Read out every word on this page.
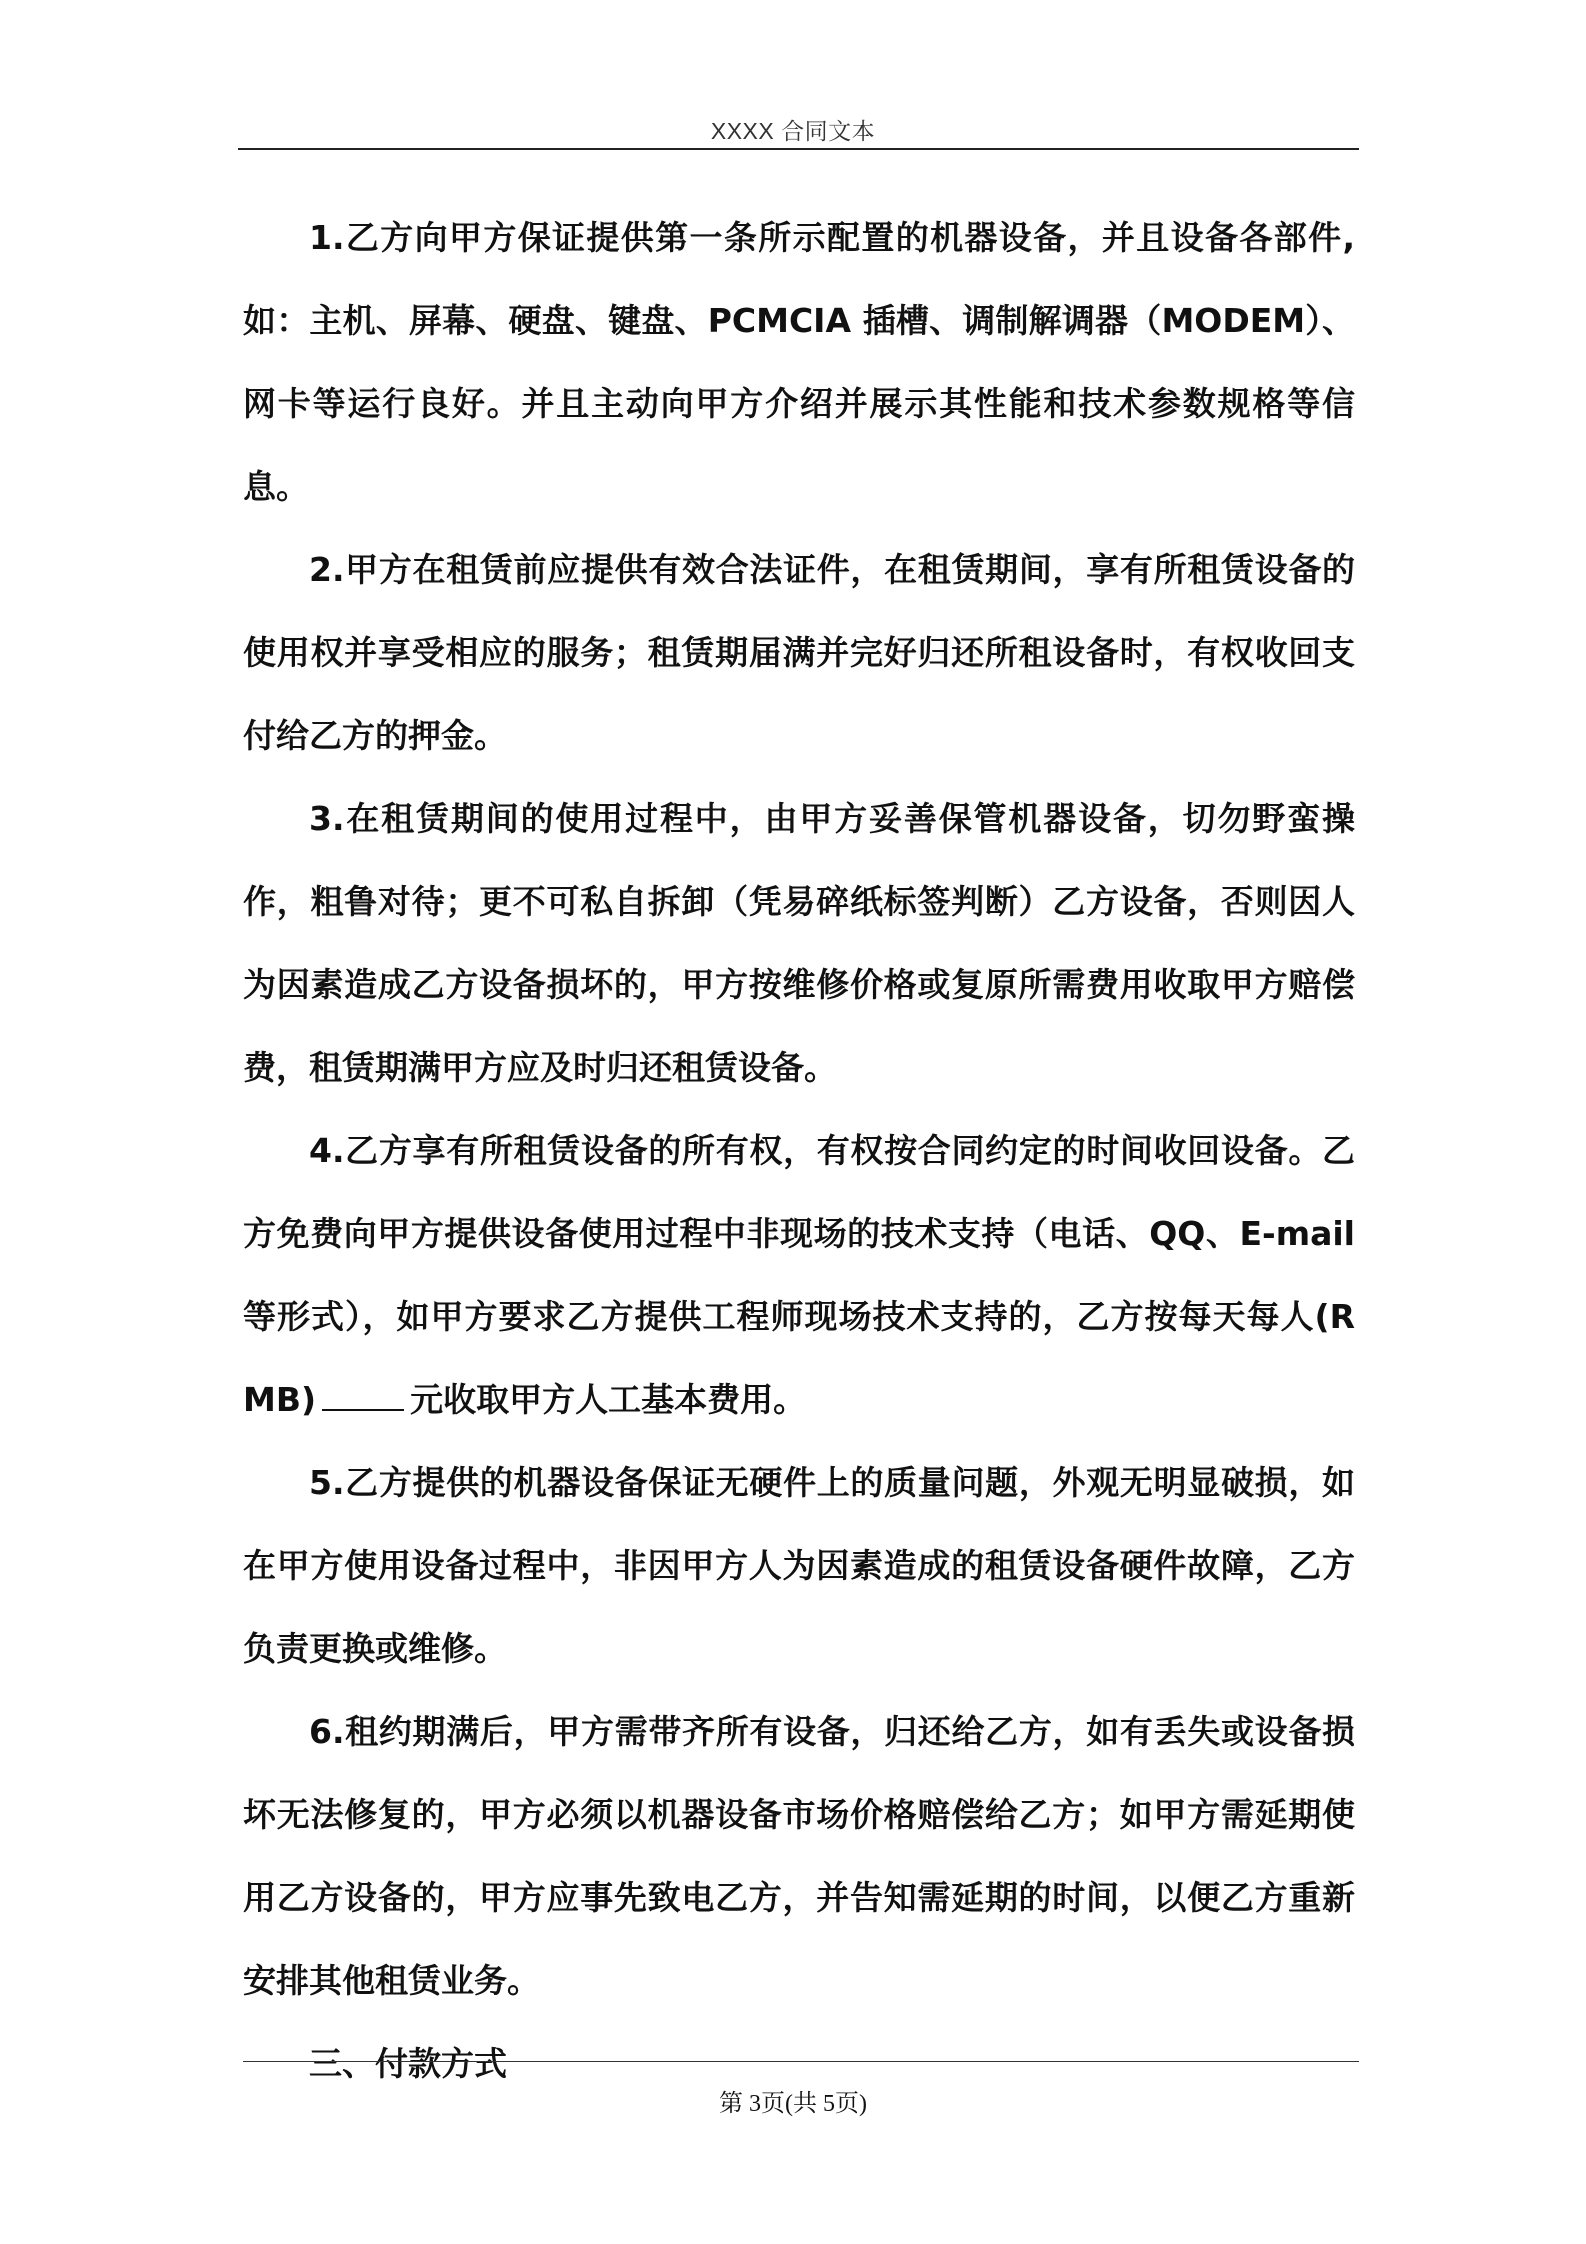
XXXX 合同文本

1.乙方向甲方保证提供第一条所示配置的机器设备，并且设备各部件,如：主机、屏幕、硬盘、键盘、PCMCIA 插槽、调制解调器（MODEM）、网卡等运行良好。并且主动向甲方介绍并展示其性能和技术参数规格等信息。

2.甲方在租赁前应提供有效合法证件，在租赁期间，享有所租赁设备的使用权并享受相应的服务；租赁期届满并完好归还所租设备时，有权收回支付给乙方的押金。

3.在租赁期间的使用过程中，由甲方妥善保管机器设备，切勿野蛮操作，粗鲁对待；更不可私自拆卸（凭易碎纸标签判断）乙方设备，否则因人为因素造成乙方设备损坏的，甲方按维修价格或复原所需费用收取甲方赔偿费，租赁期满甲方应及时归还租赁设备。

4.乙方享有所租赁设备的所有权，有权按合同约定的时间收回设备。乙方免费向甲方提供设备使用过程中非现场的技术支持（电话、QQ、E-mail 等形式），如甲方要求乙方提供工程师现场技术支持的，乙方按每天每人(RMB)	元收取甲方人工基本费用。

5.乙方提供的机器设备保证无硬件上的质量问题，外观无明显破损，如在甲方使用设备过程中，非因甲方人为因素造成的租赁设备硬件故障，乙方负责更换或维修。

6.租约期满后，甲方需带齐所有设备，归还给乙方，如有丢失或设备损坏无法修复的，甲方必须以机器设备市场价格赔偿给乙方；如甲方需延期使用乙方设备的，甲方应事先致电乙方，并告知需延期的时间，以便乙方重新安排其他租赁业务。

三、付款方式

第 3页(共 5页)
